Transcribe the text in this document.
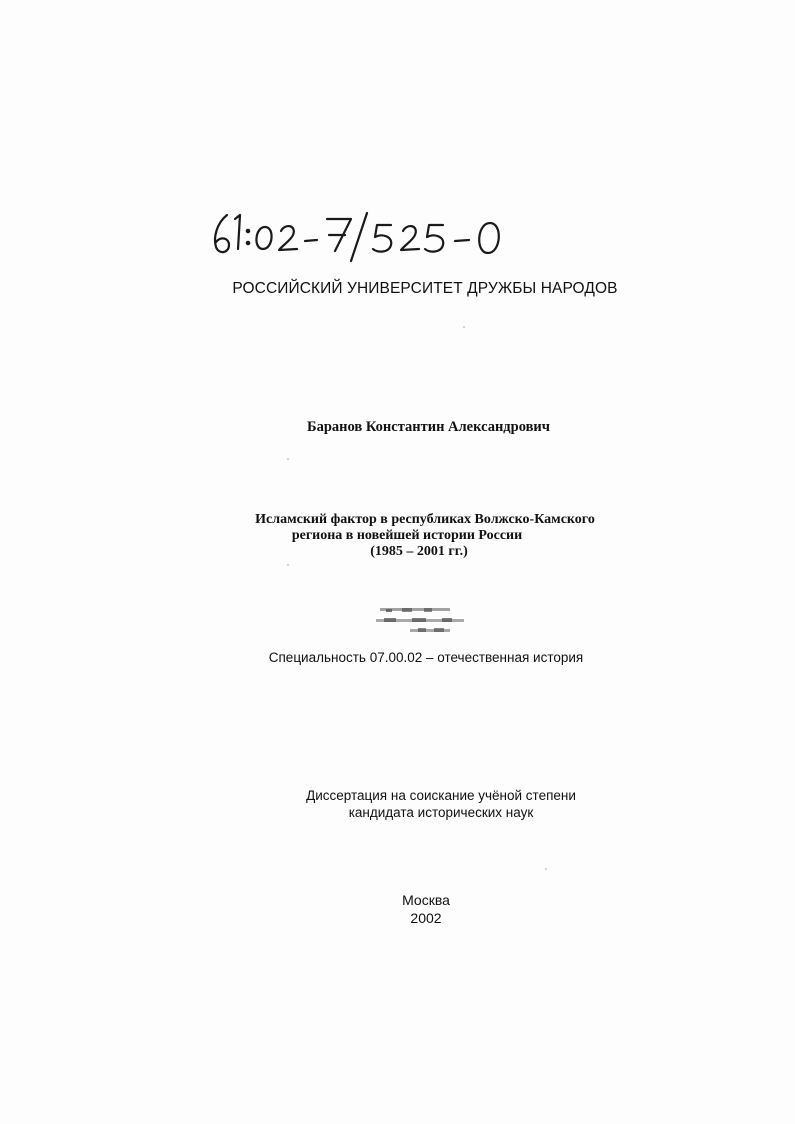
РОССИЙСКИЙ УНИВЕРСИТЕТ ДРУЖБЫ НАРОДОВ
Баранов Константин Александрович
Исламский фактор в республиках Волжско-Камского
региона в новейшей истории России
(1985 – 2001 гг.)
Специальность 07.00.02 – отечественная история
Диссертация на соискание учёной степени
кандидата исторических наук
Москва
2002
